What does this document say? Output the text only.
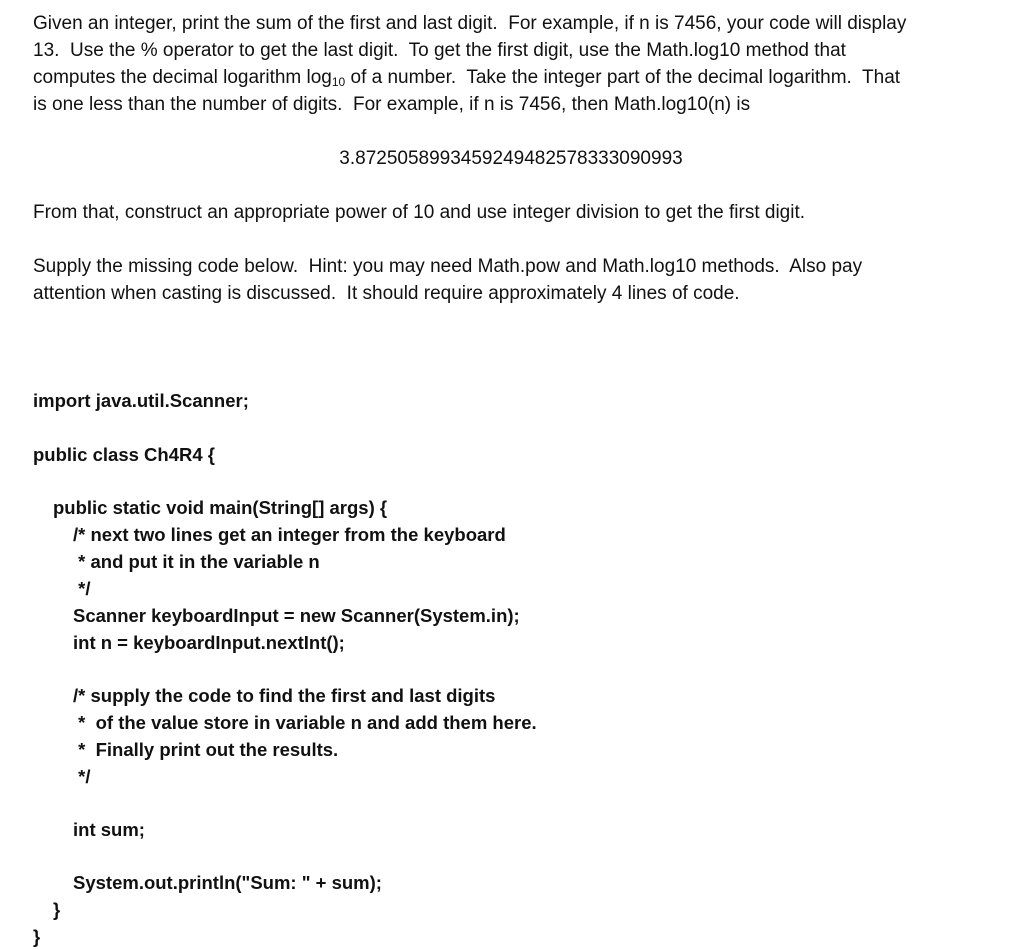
Given an integer, print the sum of the first and last digit.  For example, if n is 7456, your code will display
13.  Use the % operator to get the last digit.  To get the first digit, use the Math.log10 method that
computes the decimal logarithm $\log_{10}$ of a number.  Take the integer part of the decimal logarithm.  That
is one less than the number of digits.  For example, if n is 7456, then Math.log10(n) is
3.8725058993459249482578333090993
From that, construct an appropriate power of 10 and use integer division to get the first digit.
Supply the missing code below.  Hint: you may need Math.pow and Math.log10 methods.  Also pay
attention when casting is discussed.  It should require approximately 4 lines of code.
import java.util.Scanner;
public class Ch4R4 {
public static void main(String[] args) {
/* next two lines get an integer from the keyboard
* and put it in the variable n
*/
Scanner keyboardInput = new Scanner(System.in);
int n = keyboardInput.nextInt();
/* supply the code to find the first and last digits
*  of the value store in variable n and add them here.
*  Finally print out the results.
*/
int sum;
System.out.println("Sum: " + sum);
}
}
